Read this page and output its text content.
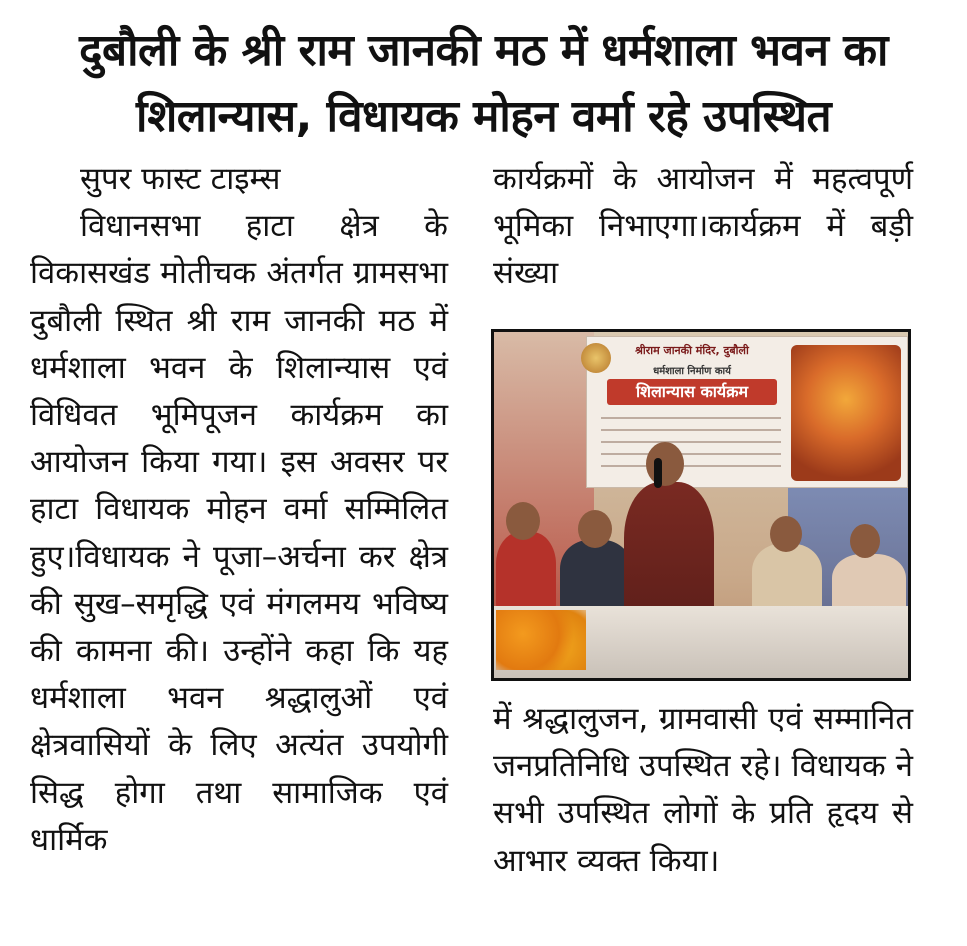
दुबौली के श्री राम जानकी मठ में धर्मशाला भवन का
शिलान्यास, विधायक मोहन वर्मा रहे उपस्थित

सुपर फास्ट टाइम्स

विधानसभा हाटा क्षेत्र के विकासखंड मोतीचक अंतर्गत ग्रामसभा दुबौली स्थित श्री राम जानकी मठ में धर्मशाला भवन के शिलान्यास एवं विधिवत भूमिपूजन कार्यक्रम का आयोजन किया गया। इस अवसर पर हाटा विधायक मोहन वर्मा सम्मिलित हुए।विधायक ने पूजा–अर्चना कर क्षेत्र की सुख–समृद्धि एवं मंगलमय भविष्य की कामना की। उन्होंने कहा कि यह धर्मशाला भवन श्रद्धालुओं एवं क्षेत्रवासियों के लिए अत्यंत उपयोगी सिद्ध होगा तथा सामाजिक एवं धार्मिक

कार्यक्रमों के आयोजन में महत्वपूर्ण भूमिका निभाएगा।कार्यक्रम में बड़ी संख्या

श्रीराम जानकी मंदिर, दुबौली
धर्मशाला निर्माण कार्य
शिलान्यास कार्यक्रम

में श्रद्धालुजन, ग्रामवासी एवं सम्मानित जनप्रतिनिधि उपस्थित रहे। विधायक ने सभी उपस्थित लोगों के प्रति हृदय से आभार व्यक्त किया।
